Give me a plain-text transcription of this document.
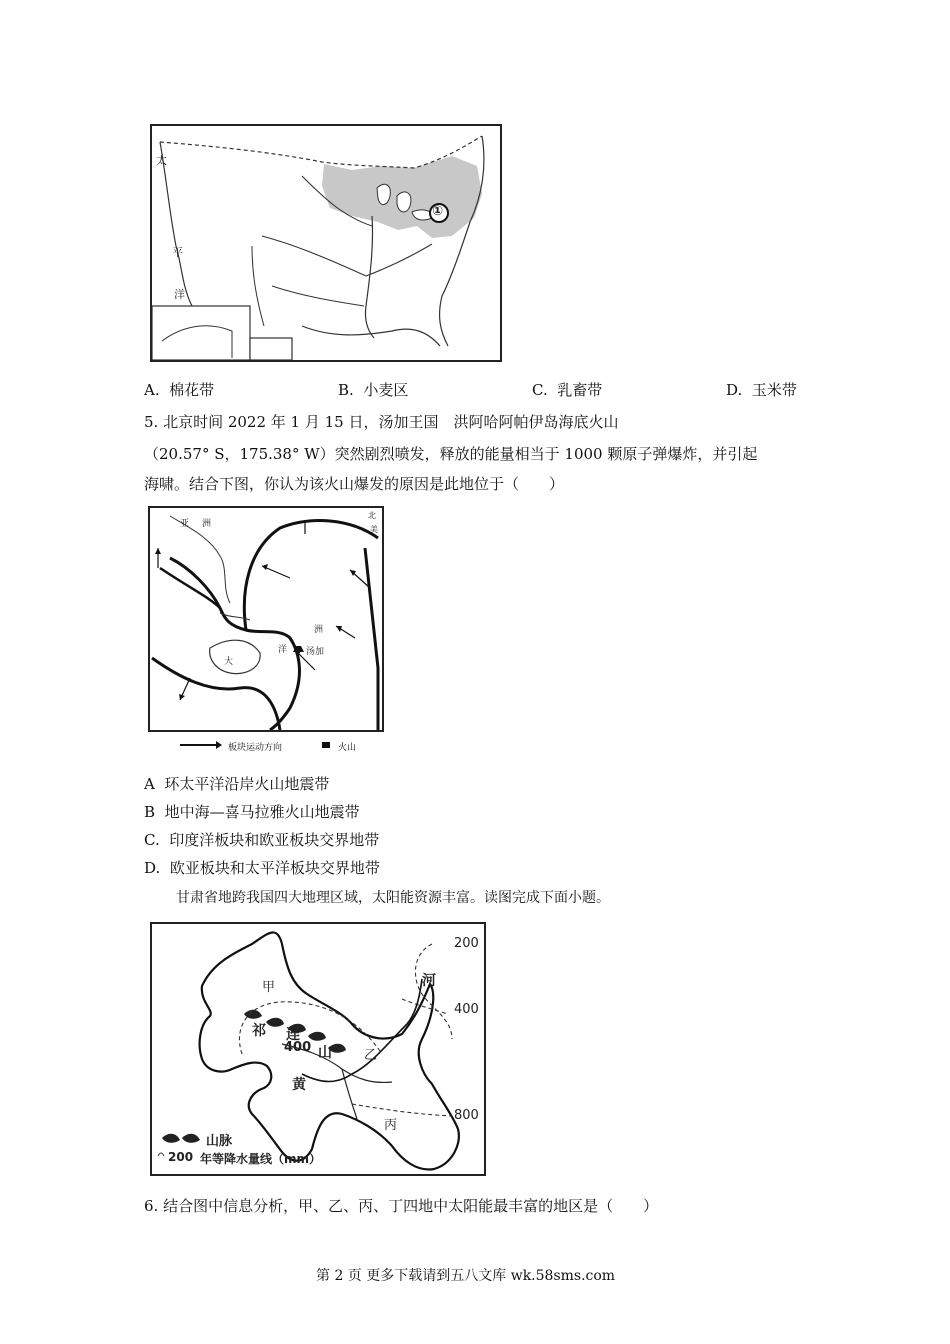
太
平
洋
①
A. 棉花带	B. 小麦区	C. 乳畜带	D. 玉米带
5. 北京时间 2022 年 1 月 15 日，汤加王国　洪阿哈阿帕伊岛海底火山
（20.57° S，175.38° W）突然剧烈喷发，释放的能量相当于 1000 颗原子弹爆炸，并引起
海啸。结合下图，你认为该火山爆发的原因是此地位于（　　）
亚 洲
北
美
洲
洋
大
汤加
板块运动方向	火山
A 环太平洋沿岸火山地震带
B 地中海—喜马拉雅火山地震带
C. 印度洋板块和欧亚板块交界地带
D. 欧亚板块和太平洋板块交界地带
甘肃省地跨我国四大地理区域，太阳能资源丰富。读图完成下面小题。
200
400
400
800
甲
乙
丙
河
祁 连
山
黄
山脉
200 年等降水量线（mm）
6. 结合图中信息分析，甲、乙、丙、丁四地中太阳能最丰富的地区是（　　）
第 2 页 更多下载请到五八文库 wk.58sms.com
